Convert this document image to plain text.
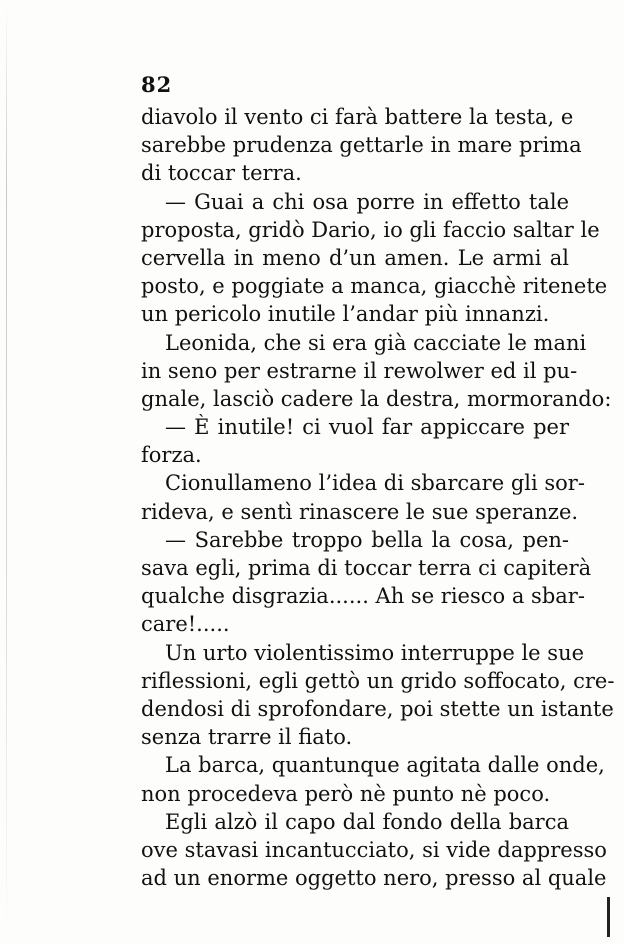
82
diavolo il vento ci farà battere la testa, e
sarebbe prudenza gettarle in mare prima
di toccar terra.
— Guai a chi osa porre in effetto tale
proposta, gridò Dario, io gli faccio saltar le
cervella in meno d’un amen. Le armi al
posto, e poggiate a manca, giacchè ritenete
un pericolo inutile l’andar più innanzi.
Leonida, che si era già cacciate le mani
in seno per estrarne il rewolwer ed il pu-
gnale, lasciò cadere la destra, mormorando:
— È inutile! ci vuol far appiccare per
forza.
Cionullameno l’idea di sbarcare gli sor-
rideva, e sentì rinascere le sue speranze.
— Sarebbe troppo bella la cosa, pen-
sava egli, prima di toccar terra ci capiterà
qualche disgrazia...... Ah se riesco a sbar-
care!.....
Un urto violentissimo interruppe le sue
riflessioni, egli gettò un grido soffocato, cre-
dendosi di sprofondare, poi stette un istante
senza trarre il fiato.
La barca, quantunque agitata dalle onde,
non procedeva però nè punto nè poco.
Egli alzò il capo dal fondo della barca
ove stavasi incantucciato, si vide dappresso
ad un enorme oggetto nero, presso al quale
